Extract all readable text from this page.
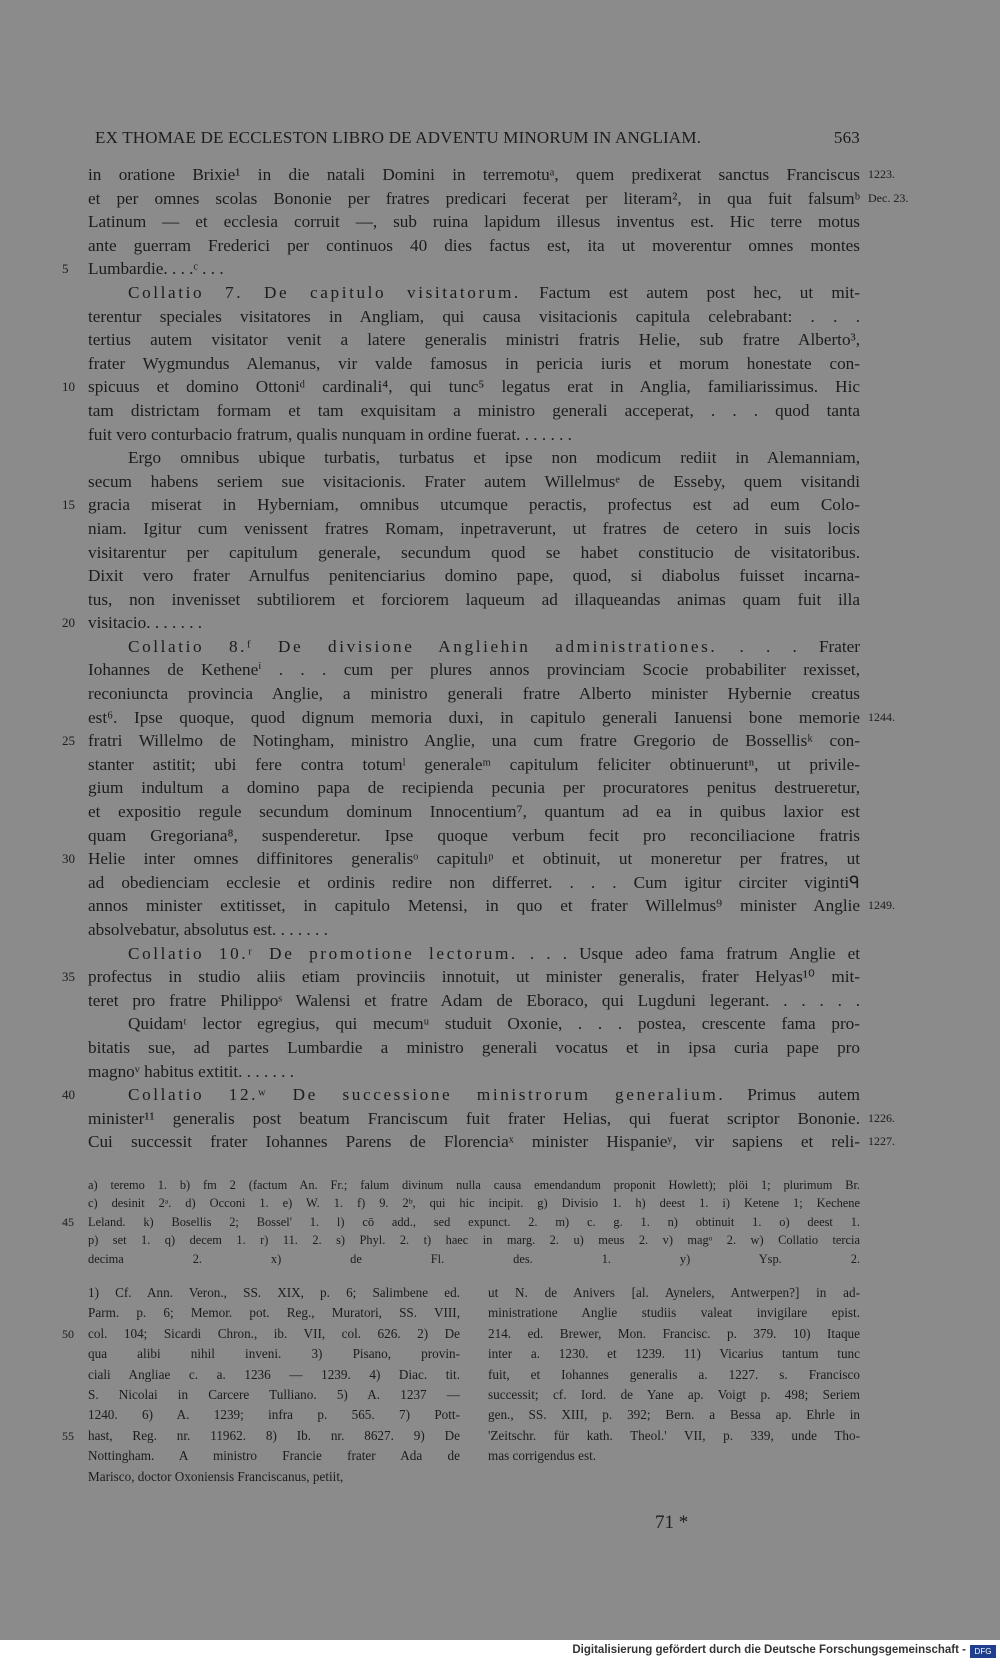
EX THOMAE DE ECCLESTON LIBRO DE ADVENTU MINORUM IN ANGLIAM.	563
in oratione Brixie¹ in die natali Domini in terremotuᵃ, quem predixerat sanctus Franciscus 1223.
et per omnes scolas Bononie per fratres predicari fecerat per literam², in qua fuit falsumᵇ Dec. 23.
Latinum — et ecclesia corruit —, sub ruina lapidum illesus inventus est. Hic terre motus
ante guerram Frederici per continuos 40 dies factus est, ita ut moverentur omnes montes
5 Lumbardie. . . .ᶜ . . .
Collatio 7. De capitulo visitatorum. Factum est autem post hec, ut mit-
terentur speciales visitatores in Angliam, qui causa visitacionis capitula celebrabant: . . .
tertius autem visitator venit a latere generalis ministri fratris Helie, sub fratre Alberto³,
frater Wygmundus Alemanus, vir valde famosus in pericia iuris et morum honestate con-
10 spicuus et domino Ottoniᵈ cardinali⁴, qui tunc⁵ legatus erat in Anglia, familiarissimus. Hic
tam districtam formam et tam exquisitam a ministro generali acceperat, . . . quod tanta
fuit vero conturbacio fratrum, qualis nunquam in ordine fuerat. . . . . . .
Ergo omnibus ubique turbatis, turbatus et ipse non modicum rediit in Alemanniam,
secum habens seriem sue visitacionis. Frater autem Willelmusᵉ de Esseby, quem visitandi
15 gracia miserat in Hyberniam, omnibus utcumque peractis, profectus est ad eum Colo-
niam. Igitur cum venissent fratres Romam, inpetraverunt, ut fratres de cetero in suis locis
visitarentur per capitulum generale, secundum quod se habet constitucio de visitatoribus.
Dixit vero frater Arnulfus penitenciarius domino pape, quod, si diabolus fuisset incarna-
tus, non invenisset subtiliorem et forciorem laqueum ad illaqueandas animas quam fuit illa
20 visitacio. . . . . . .
Collatio 8.ᶠ De divisione Angliehin administrationes. . . . Frater
Iohannes de Ketheneⁱ . . . cum per plures annos provinciam Scocie probabiliter rexisset,
reconiuncta provincia Anglie, a ministro generali fratre Alberto minister Hybernie creatus
est⁶. Ipse quoque, quod dignum memoria duxi, in capitulo generali Ianuensi bone memorie 1244.
25 fratri Willelmo de Notingham, ministro Anglie, una cum fratre Gregorio de Bossellisᵏ con-
stanter astitit; ubi fere contra totumˡ generaleᵐ capitulum feliciter obtinueruntⁿ, ut privile-
gium indultum a domino papa de recipienda pecunia per procuratores penitus destrueretur,
et expositio regule secundum dominum Innocentium⁷, quantum ad ea in quibus laxior est
quam Gregoriana⁸, suspenderetur. Ipse quoque verbum fecit pro reconciliacione fratris
30 Helie inter omnes diffinitores generalisᵒ capitulıᵖ et obtinuit, ut moneretur per fratres, ut
ad obedienciam ecclesie et ordinis redire non differret. . . . Cum igitur circiter vigintiᑫ
annos minister extitisset, in capitulo Metensi, in quo et frater Willelmus⁹ minister Anglie 1249.
absolvebatur, absolutus est. . . . . . .
Collatio 10.ʳ De promotione lectorum. . . . Usque adeo fama fratrum Anglie et
35 profectus in studio aliis etiam provinciis innotuit, ut minister generalis, frater Helyas¹⁰ mit-
teret pro fratre Philippoˢ Walensi et fratre Adam de Eboraco, qui Lugduni legerant. . . . . .
Quidamᵗ lector egregius, qui mecumᵘ studuit Oxonie, . . . postea, crescente fama pro-
bitatis sue, ad partes Lumbardie a ministro generali vocatus et in ipsa curia pape pro
magnoᵛ habitus extitit. . . . . . .
40	Collatio 12.ʷ De successione ministrorum generalium. Primus autem
minister¹¹ generalis post beatum Franciscum fuit frater Helias, qui fuerat scriptor Bononie. 1226.
Cui successit frater Iohannes Parens de Florenciaˣ minister Hispanieʸ, vir sapiens et reli- 1227.
a) teremo 1. b) fm 2 (factum An. Fr.; falum divinum nulla causa emendandum proponit Howlett); plöi 1; plurimum Br.
c) desinit 2ᵃ. d) Occoni 1. e) W. 1. f) 9. 2ᵇ, qui hic incipit. g) Divisio 1. h) deest 1. i) Ketene 1; Kechene
45 Leland. k) Bosellis 2; Bossel' 1. l) cō add., sed expunct. 2. m) c. g. 1. n) obtinuit 1. o) deest 1.
p) set 1. q) decem 1. r) 11. 2. s) Phyl. 2. t) haec in marg. 2. u) meus 2. v) magᵒ 2. w) Collatio tercia
decima 2. x) de Fl. des. 1. y) Ysp. 2.
1) Cf. Ann. Veron., SS. XIX, p. 6; Salimbene ed.
Parm. p. 6; Memor. pot. Reg., Muratori, SS. VIII,
50 col. 104; Sicardi Chron., ib. VII, col. 626. 2) De
qua alibi nihil inveni. 3) Pisano, provin-
ciali Angliae c. a. 1236 — 1239. 4) Diac. tit.
S. Nicolai in Carcere Tulliano. 5) A. 1237 —
1240. 6) A. 1239; infra p. 565. 7) Pott-
55 hast, Reg. nr. 11962. 8) Ib. nr. 8627. 9) De
Nottingham. A ministro Francie frater Ada de
Marisco, doctor Oxoniensis Franciscanus, petiit,
ut N. de Anivers [al. Aynelers, Antwerpen?] in ad-
ministratione Anglie studiis valeat invigilare epist.
214. ed. Brewer, Mon. Francisc. p. 379. 10) Itaque
inter a. 1230. et 1239. 11) Vicarius tantum tunc
fuit, et Iohannes generalis a. 1227. s. Francisco
successit; cf. Iord. de Yane ap. Voigt p. 498; Seriem
gen., SS. XIII, p. 392; Bern. a Bessa ap. Ehrle in
'Zeitschr. für kath. Theol.' VII, p. 339, unde Tho-
mas corrigendus est.
71 *
Digitalisierung gefördert durch die Deutsche Forschungsgemeinschaft -	DFG
